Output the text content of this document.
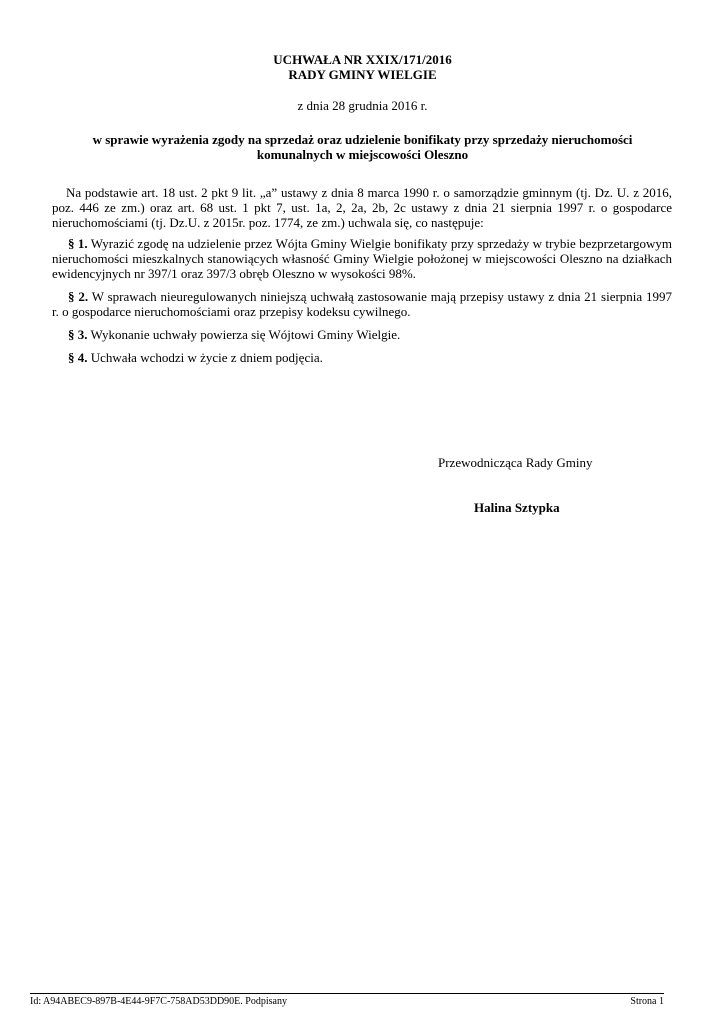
UCHWAŁA NR XXIX/171/2016
RADY GMINY WIELGIE
z dnia 28 grudnia 2016 r.
w sprawie wyrażenia zgody na sprzedaż oraz udzielenie bonifikaty przy sprzedaży nieruchomości
komunalnych w miejscowości Oleszno

Na podstawie art. 18 ust. 2 pkt 9 lit. „a” ustawy z dnia 8 marca 1990 r. o samorządzie gminnym (tj. Dz. U. z 2016, poz. 446 ze zm.) oraz art. 68 ust. 1 pkt 7, ust. 1a, 2, 2a, 2b, 2c ustawy z dnia 21 sierpnia 1997 r. o gospodarce nieruchomościami (tj. Dz.U. z 2015r. poz. 1774, ze zm.) uchwala się, co następuje:

§ 1. Wyrazić zgodę na udzielenie przez Wójta Gminy Wielgie bonifikaty przy sprzedaży w trybie bezprzetargowym nieruchomości mieszkalnych stanowiących własność Gminy Wielgie położonej w miejscowości Oleszno na działkach ewidencyjnych nr 397/1 oraz 397/3 obręb Oleszno w wysokości 98%.

§ 2. W sprawach nieuregulowanych niniejszą uchwałą zastosowanie mają przepisy ustawy z dnia 21 sierpnia 1997 r. o gospodarce nieruchomościami oraz przepisy kodeksu cywilnego.

§ 3. Wykonanie uchwały powierza się Wójtowi Gminy Wielgie.

§ 4. Uchwała wchodzi w życie z dniem podjęcia.

Przewodnicząca Rady Gminy
Halina Sztypka
Id: A94ABEC9-897B-4E44-9F7C-758AD53DD90E. Podpisany	Strona 1
